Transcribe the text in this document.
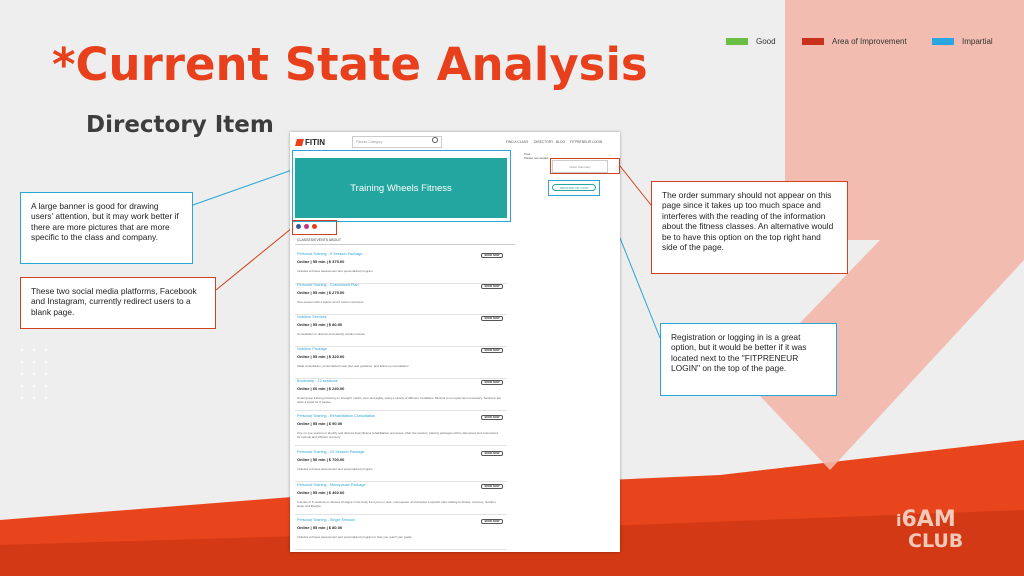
*Current State Analysis
Directory Item
Good	Area of Improvement	Impartial
A large banner is good for drawing users' attention, but it may work better if there are more pictures that are more specific to the class and company.
These two social media platforms, Facebook and Instagram, currently redirect users to a blank page.
The order summary should not appear on this page since it takes up too much space and interferes with the reading of the information about the fitness classes. An alternative would be to have this option on the top right hand side of the page.
Registration or logging in is a great option, but it would be better if it was located next to the "FITPRENEUR LOGIN" on the top of the page.
FITIN	Fitness Category	FIND A CLASS DIRECTORY BLOG FITPRENEUR LOGIN
Training Wheels Fitness
CLASSES/EVENTS ABOUT
Total
Please see details
Order Summary
REGISTER OR LOGIN
Personal Training - 5 Session Package
Online | 55 min | $ 375.00
Includes a fitness assessment and personalized program
BOOK NOW
Personal Training - Customized Plan
Online | 55 min | $ 275.00
One session with a trainer and 6 custom workouts
BOOK NOW
Nutrition Services
Online | 55 min | $ 80.00
Consultation to discuss and identify nutrition issues
BOOK NOW
Nutrition Package
Online | 55 min | $ 320.00
Initial consultation, personalized meal plan and guidance, and follow up consultation
BOOK NOW
Bootcamp - 12 sessions
Online | 60 min | $ 240.00
Small group training focusing on strength, cardio, core and agility, using a variety of different modalities. Minimal to no equipment necessary. Sessions are twice a week for 6 weeks.
BOOK NOW
Personal Training - Rehabilitation Consultation
Online | 55 min | $ 90.00
One on one session to identify and discuss injury/illness rehabilitation processes. After the session, training packages will be discussed and customized for optimal and efficient recovery.
BOOK NOW
Personal Training - 10 Session Package
Online | 55 min | $ 700.00
Includes a fitness assessment and personalized program
BOOK NOW
Personal Training - Menopause Package
Online | 55 min | $ 460.00
A series of 5 sessions to discuss changes in the body from peri- to post- menopause, and develop a specific plan relating to fitness, recovery, nutrition, sleep and lifestyle.
BOOK NOW
Personal Training - Single Session
Online | 55 min | $ 80.00
Includes a fitness assessment and personalized program to help you reach your goals.
BOOK NOW	i6AM
CLUB
